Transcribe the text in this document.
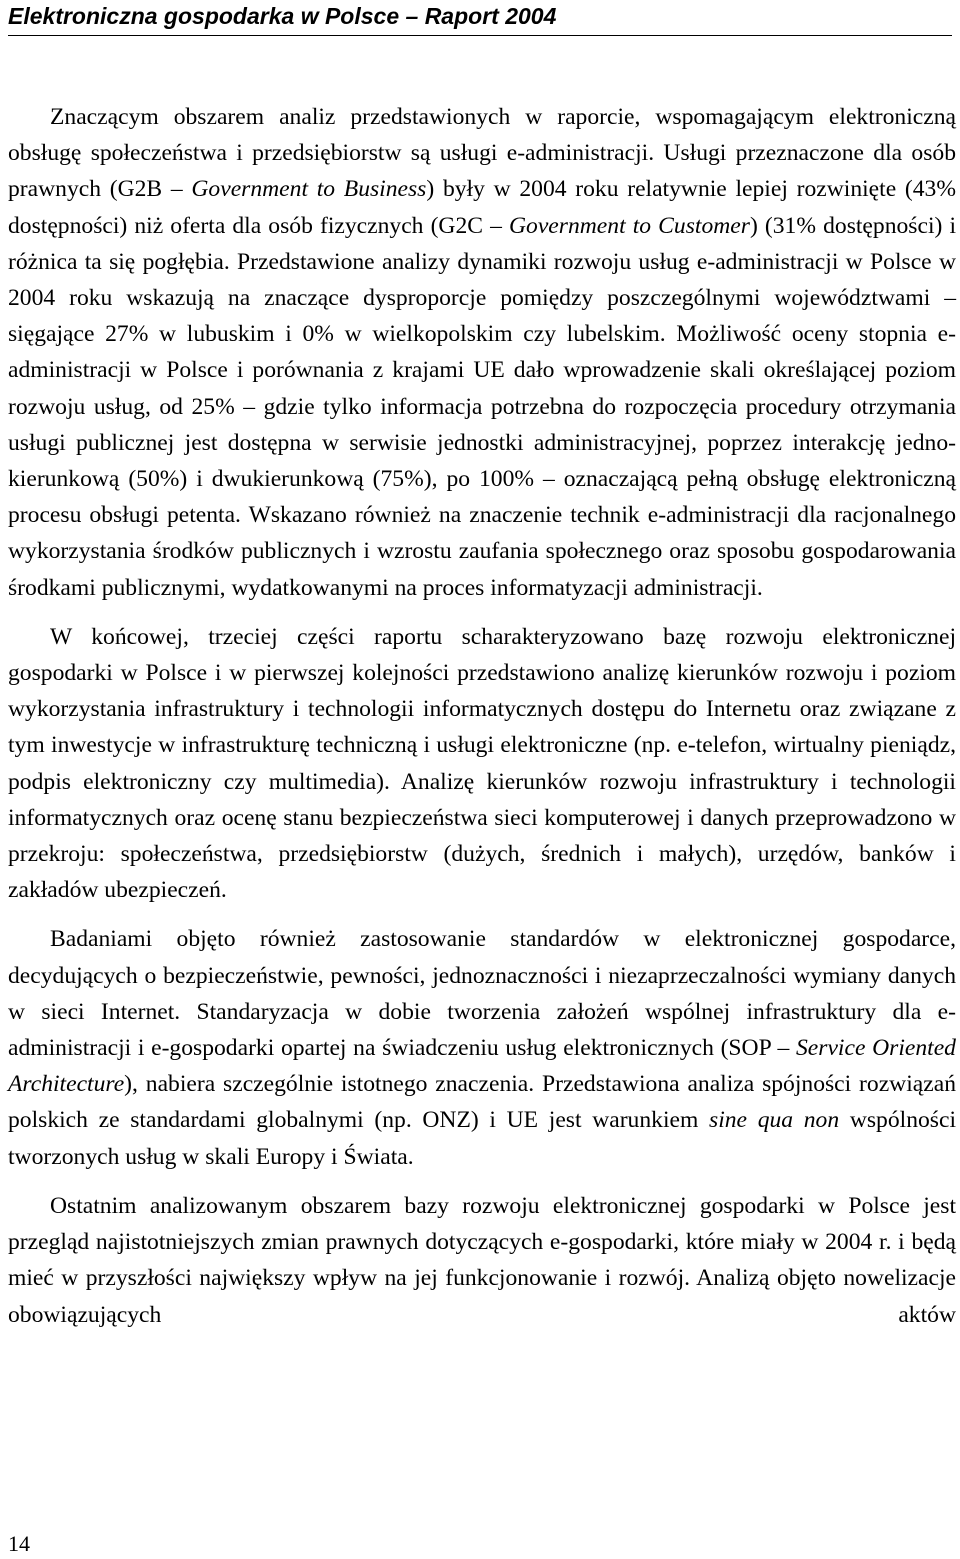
Elektroniczna gospodarka w Polsce – Raport 2004

Znaczącym obszarem analiz przedstawionych w raporcie, wspomagającym elektroniczną obsługę społeczeństwa i przedsiębiorstw są usługi e-administracji. Usługi przeznaczone dla osób prawnych (G2B – Government to Business) były w 2004 roku relatywnie lepiej rozwinięte (43% dostępności) niż oferta dla osób fizycznych (G2C – Government to Customer) (31% dostępności) i różnica ta się pogłębia. Przedstawione analizy dynamiki rozwoju usług e-administracji w Polsce w 2004 roku wskazują na znaczące dysproporcje pomiędzy poszczególnymi województwami – sięgające 27% w lubuskim i 0% w wielkopolskim czy lubelskim. Możliwość oceny stopnia e-administracji w Polsce i porównania z krajami UE dało wprowadzenie skali określającej poziom rozwoju usług, od 25% – gdzie tylko informacja potrzebna do rozpoczęcia procedury otrzymania usługi publicznej jest dostępna w serwisie jednostki administracyjnej, poprzez interakcję jednokierunkową (50%) i dwukierunkową (75%), po 100% – oznaczającą pełną obsługę elektroniczną procesu obsługi petenta. Wskazano również na znaczenie technik e-administracji dla racjonalnego wykorzystania środków publicznych i wzrostu zaufania społecznego oraz sposobu gospodarowania środkami publicznymi, wydatkowanymi na proces informatyzacji administracji.

W końcowej, trzeciej części raportu scharakteryzowano bazę rozwoju elektronicznej gospodarki w Polsce i w pierwszej kolejności przedstawiono analizę kierunków rozwoju i poziom wykorzystania infrastruktury i technologii informatycznych dostępu do Internetu oraz związane z tym inwestycje w infrastrukturę techniczną i usługi elektroniczne (np. e-telefon, wirtualny pieniądz, podpis elektroniczny czy multimedia). Analizę kierunków rozwoju infrastruktury i technologii informatycznych oraz ocenę stanu bezpieczeństwa sieci komputerowej i danych przeprowadzono w przekroju: społeczeństwa, przedsiębiorstw (dużych, średnich i małych), urzędów, banków i zakładów ubezpieczeń.

Badaniami objęto również zastosowanie standardów w elektronicznej gospodarce, decydujących o bezpieczeństwie, pewności, jednoznaczności i niezaprzeczalności wymiany danych w sieci Internet. Standaryzacja w dobie tworzenia założeń wspólnej infrastruktury dla e-administracji i e-gospodarki opartej na świadczeniu usług elektronicznych (SOP – Service Oriented Architecture), nabiera szczególnie istotnego znaczenia. Przedstawiona analiza spójności rozwiązań polskich ze standardami globalnymi (np. ONZ) i UE jest warunkiem sine qua non wspólności tworzonych usług w skali Europy i Świata.

Ostatnim analizowanym obszarem bazy rozwoju elektronicznej gospodarki w Polsce jest przegląd najistotniejszych zmian prawnych dotyczących e-gospodarki, które miały w 2004 r. i będą mieć w przyszłości największy wpływ na jej funkcjonowanie i rozwój. Analizą objęto nowelizacje obowiązujących aktów

14
